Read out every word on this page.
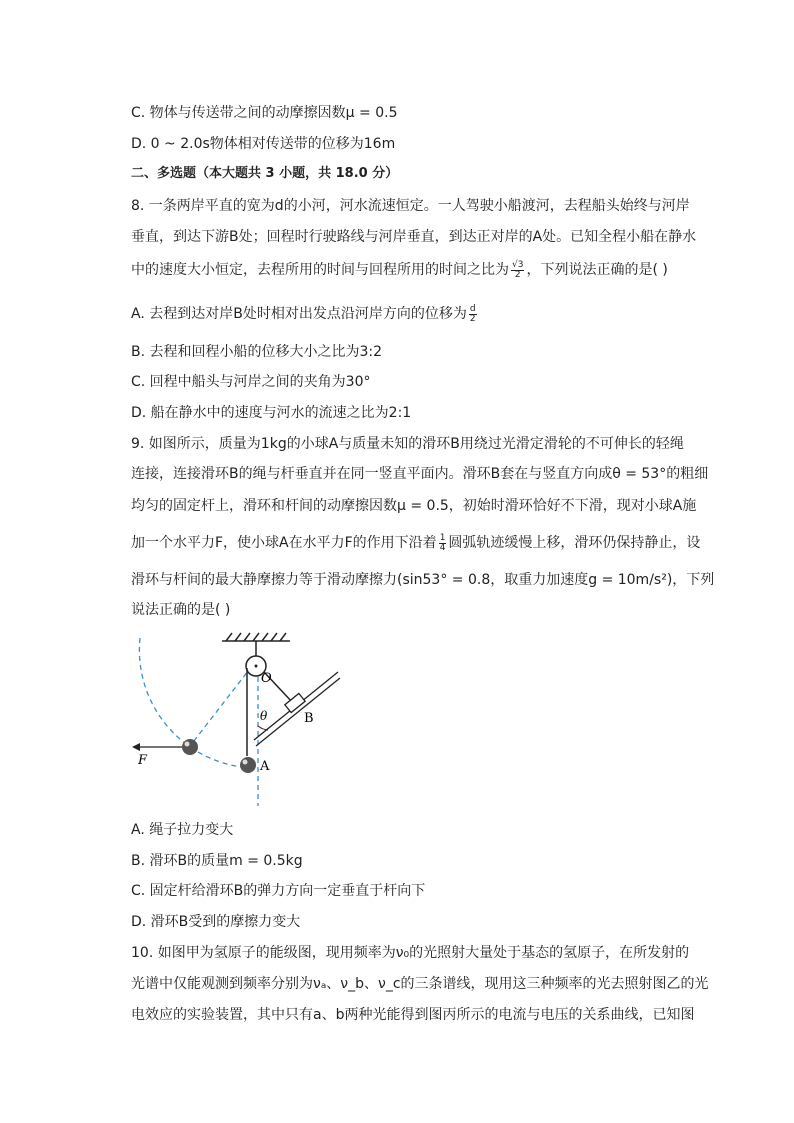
C. 物体与传送带之间的动摩擦因数μ = 0.5
D. 0 ~ 2.0s物体相对传送带的位移为16m
二、多选题（本大题共 3 小题，共 18.0 分）
8. 一条两岸平直的宽为d的小河，河水流速恒定。一人驾驶小船渡河，去程船头始终与河岸
垂直，到达下游B处；回程时行驶路线与河岸垂直，到达正对岸的A处。已知全程小船在静水
中的速度大小恒定，去程所用的时间与回程所用的时间之比为 $\frac{√3}{2}$ ，下列说法正确的是( )
A. 去程到达对岸B处时相对出发点沿河岸方向的位移为 $\frac{d}{2}$
B. 去程和回程小船的位移大小之比为3:2
C. 回程中船头与河岸之间的夹角为30°
D. 船在静水中的速度与河水的流速之比为2:1
9. 如图所示，质量为1kg的小球A与质量未知的滑环B用绕过光滑定滑轮的不可伸长的轻绳
连接，连接滑环B的绳与杆垂直并在同一竖直平面内。滑环B套在与竖直方向成θ = 53°的粗细
均匀的固定杆上，滑环和杆间的动摩擦因数μ = 0.5，初始时滑环恰好不下滑，现对小球A施
加一个水平力F，使小球A在水平力F的作用下沿着 $\frac{1}{4}$ 圆弧轨迹缓慢上移，滑环仍保持静止，设
滑环与杆间的最大静摩擦力等于滑动摩擦力(sin53° = 0.8，取重力加速度g = 10m/s²)，下列
说法正确的是( )
O
B
θ
A
F
A. 绳子拉力变大
B. 滑环B的质量m = 0.5kg
C. 固定杆给滑环B的弹力方向一定垂直于杆向下
D. 滑环B受到的摩擦力变大
10. 如图甲为氢原子的能级图，现用频率为ν₀的光照射大量处于基态的氢原子，在所发射的
光谱中仅能观测到频率分别为νₐ、ν_b、ν_c的三条谱线，现用这三种频率的光去照射图乙的光
电效应的实验装置，其中只有a、b两种光能得到图丙所示的电流与电压的关系曲线，已知图
